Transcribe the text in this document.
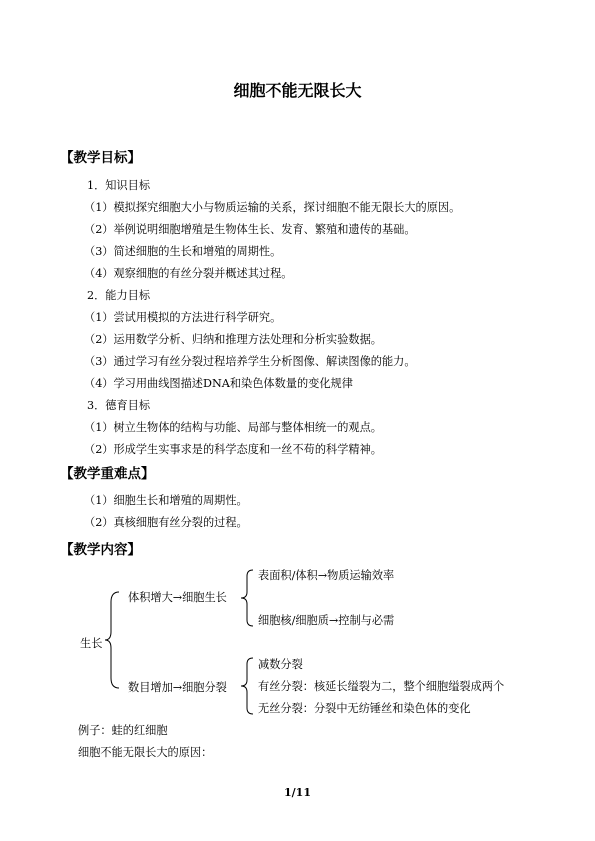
细胞不能无限长大
【教学目标】
1．知识目标
（1）模拟探究细胞大小与物质运输的关系，探讨细胞不能无限长大的原因。
（2）举例说明细胞增殖是生物体生长、发育、繁殖和遗传的基础。
（3）简述细胞的生长和增殖的周期性。
（4）观察细胞的有丝分裂并概述其过程。
2．能力目标
（1）尝试用模拟的方法进行科学研究。
（2）运用数学分析、归纳和推理方法处理和分析实验数据。
（3）通过学习有丝分裂过程培养学生分析图像、解读图像的能力。
（4）学习用曲线图描述DNA和染色体数量的变化规律
3．德育目标
（1）树立生物体的结构与功能、局部与整体相统一的观点。
（2）形成学生实事求是的科学态度和一丝不苟的科学精神。
【教学重难点】
（1）细胞生长和增殖的周期性。
（2）真核细胞有丝分裂的过程。
【教学内容】
生长
体积增大→细胞生长
数目增加→细胞分裂
表面积/体积→物质运输效率
细胞核/细胞质→控制与必需
减数分裂
有丝分裂：核延长缢裂为二，整个细胞缢裂成两个
无丝分裂：分裂中无纺锤丝和染色体的变化
例子：蛙的红细胞
细胞不能无限长大的原因：
1/11
